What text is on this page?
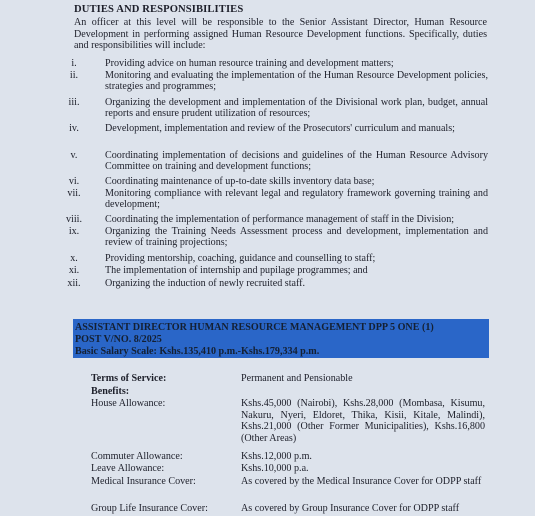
DUTIES AND RESPONSIBILITIES
An officer at this level will be responsible to the Senior Assistant Director, Human Resource Development in performing assigned Human Resource Development functions. Specifically, duties and responsibilities will include:
i.	Providing advice on human resource training and development matters;
ii.	Monitoring and evaluating the implementation of the Human Resource Development policies, strategies and programmes;
iii.	Organizing the development and implementation of the Divisional work plan, budget, annual reports and ensure prudent utilization of resources;
iv.	Development, implementation and review of the Prosecutors' curriculum and manuals;
v.	Coordinating implementation of decisions and guidelines of the Human Resource Advisory Committee on training and development functions;
vi.	Coordinating maintenance of up-to-date skills inventory data base;
vii.	Monitoring compliance with relevant legal and regulatory framework governing training and development;
viii.	Coordinating the implementation of performance management of staff in the Division;
ix.	Organizing the Training Needs Assessment process and development, implementation and review of training projections;
x.	Providing mentorship, coaching, guidance and counselling to staff;
xi.	The implementation of internship and pupilage programmes; and
xii.	Organizing the induction of newly recruited staff.
ASSISTANT DIRECTOR HUMAN RESOURCE MANAGEMENT DPP 5 ONE (1)
POST V/NO. 8/2025
Basic Salary Scale: Kshs.135,410 p.m.-Kshs.179,334 p.m.
Terms of Service:	Permanent and Pensionable
Benefits:
House Allowance:	Kshs.45,000 (Nairobi), Kshs.28,000 (Mombasa, Kisumu, Nakuru, Nyeri, Eldoret, Thika, Kisii, Kitale, Malindi), Kshs.21,000 (Other Former Municipalities), Kshs.16,800 (Other Areas)
Commuter Allowance:	Kshs.12,000 p.m.
Leave Allowance:	Kshs.10,000 p.a.
Medical Insurance Cover:	As covered by the Medical Insurance Cover for ODPP staff
Group Life Insurance Cover:	As covered by Group Insurance Cover for ODPP staff
